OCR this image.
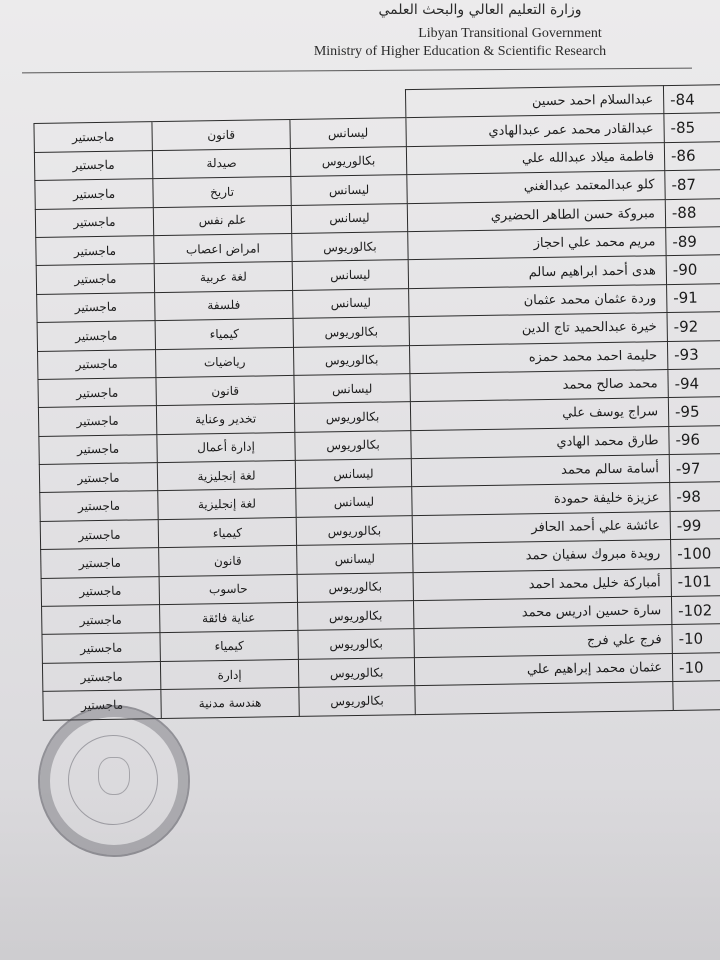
وزارة التعليم العالي والبحث العلمي
Libyan Transitional Government
Ministry of Higher Education & Scientific Research
			عبدالسلام احمد حسين	-84
ماجستير	قانون	ليسانس	عبدالقادر محمد عمر عبدالهادي	-85
ماجستير	صيدلة	بكالوريوس	فاطمة ميلاد عبدالله علي	-86
ماجستير	تاريخ	ليسانس	كلو عبدالمعتمد عبدالغني	-87
ماجستير	علم نفس	ليسانس	مبروكة حسن الطاهر الحضيري	-88
ماجستير	امراض اعصاب	بكالوريوس	مريم محمد علي احجاز	-89
ماجستير	لغة عربية	ليسانس	هدى أحمد ابراهيم سالم	-90
ماجستير	فلسفة	ليسانس	وردة عثمان محمد عثمان	-91
ماجستير	كيمياء	بكالوريوس	خيرة عبدالحميد تاج الدين	-92
ماجستير	رياضيات	بكالوريوس	حليمة احمد محمد حمزه	-93
ماجستير	قانون	ليسانس	محمد صالح محمد	-94
ماجستير	تخدير وعناية	بكالوريوس	سراج يوسف علي	-95
ماجستير	إدارة أعمال	بكالوريوس	طارق محمد الهادي	-96
ماجستير	لغة إنجليزية	ليسانس	أسامة سالم محمد	-97
ماجستير	لغة إنجليزية	ليسانس	عزيزة خليفة حمودة	-98
ماجستير	كيمياء	بكالوريوس	عائشة علي أحمد الحافر	-99
ماجستير	قانون	ليسانس	رويدة مبروك سفيان حمد	-100
ماجستير	حاسوب	بكالوريوس	أمباركة خليل محمد احمد	-101
ماجستير	عناية فائقة	بكالوريوس	سارة حسين ادريس محمد	-102
ماجستير	كيمياء	بكالوريوس	فرج علي فرج	-10
ماجستير	إدارة	بكالوريوس	عثمان محمد إبراهيم علي	-10
ماجستير	هندسة مدنية	بكالوريوس		
